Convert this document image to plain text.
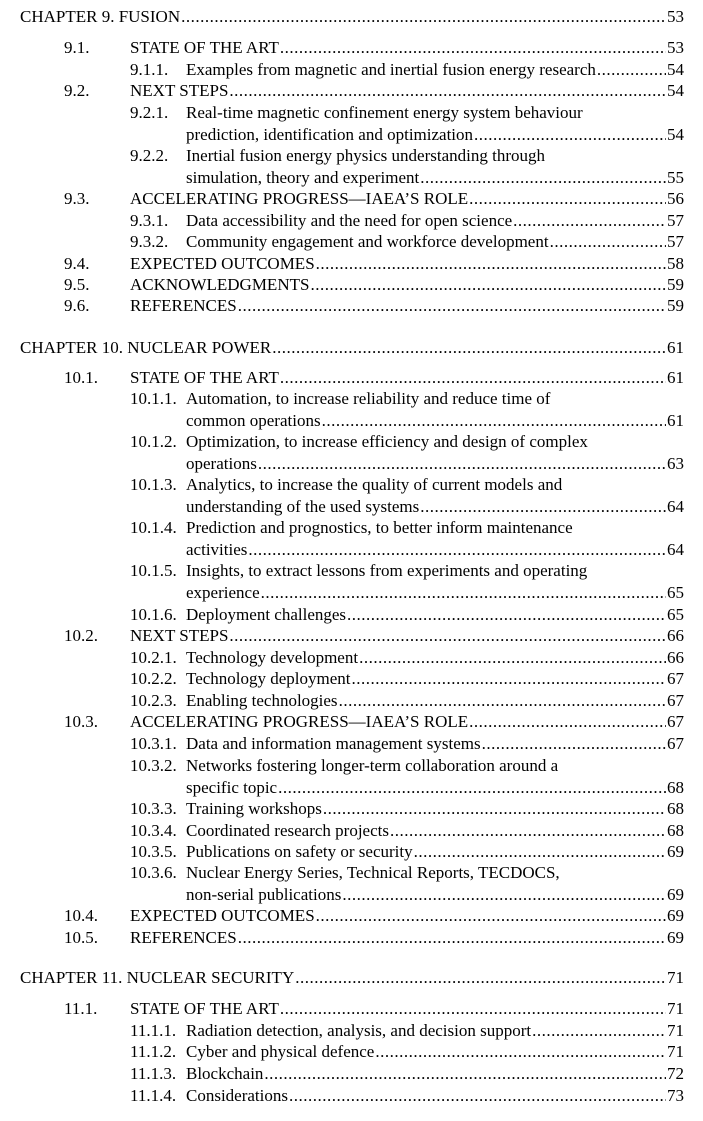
CHAPTER 9. FUSION .....	53
9.1. STATE OF THE ART .....	53
9.1.1. Examples from magnetic and inertial fusion energy research .....	54
9.2. NEXT STEPS .....	54
9.2.1. Real-time magnetic confinement energy system behaviour
prediction, identification and optimization .....	54
9.2.2. Inertial fusion energy physics understanding through
simulation, theory and experiment .....	55
9.3. ACCELERATING PROGRESS—IAEA’S ROLE .....	56
9.3.1. Data accessibility and the need for open science .....	57
9.3.2. Community engagement and workforce development .....	57
9.4. EXPECTED OUTCOMES .....	58
9.5. ACKNOWLEDGMENTS .....	59
9.6. REFERENCES .....	59
CHAPTER 10. NUCLEAR POWER .....	61
10.1. STATE OF THE ART .....	61
10.1.1. Automation, to increase reliability and reduce time of
common operations .....	61
10.1.2. Optimization, to increase efficiency and design of complex
operations .....	63
10.1.3. Analytics, to increase the quality of current models and
understanding of the used systems .....	64
10.1.4. Prediction and prognostics, to better inform maintenance
activities .....	64
10.1.5. Insights, to extract lessons from experiments and operating
experience .....	65
10.1.6. Deployment challenges .....	65
10.2. NEXT STEPS .....	66
10.2.1. Technology development .....	66
10.2.2. Technology deployment .....	67
10.2.3. Enabling technologies .....	67
10.3. ACCELERATING PROGRESS—IAEA’S ROLE .....	67
10.3.1. Data and information management systems .....	67
10.3.2. Networks fostering longer-term collaboration around a
specific topic .....	68
10.3.3. Training workshops .....	68
10.3.4. Coordinated research projects .....	68
10.3.5. Publications on safety or security .....	69
10.3.6. Nuclear Energy Series, Technical Reports, TECDOCS,
non-serial publications .....	69
10.4. EXPECTED OUTCOMES .....	69
10.5. REFERENCES .....	69
CHAPTER 11. NUCLEAR SECURITY .....	71
11.1. STATE OF THE ART .....	71
11.1.1. Radiation detection, analysis, and decision support .....	71
11.1.2. Cyber and physical defence .....	71
11.1.3. Blockchain .....	72
11.1.4. Considerations .....	73
